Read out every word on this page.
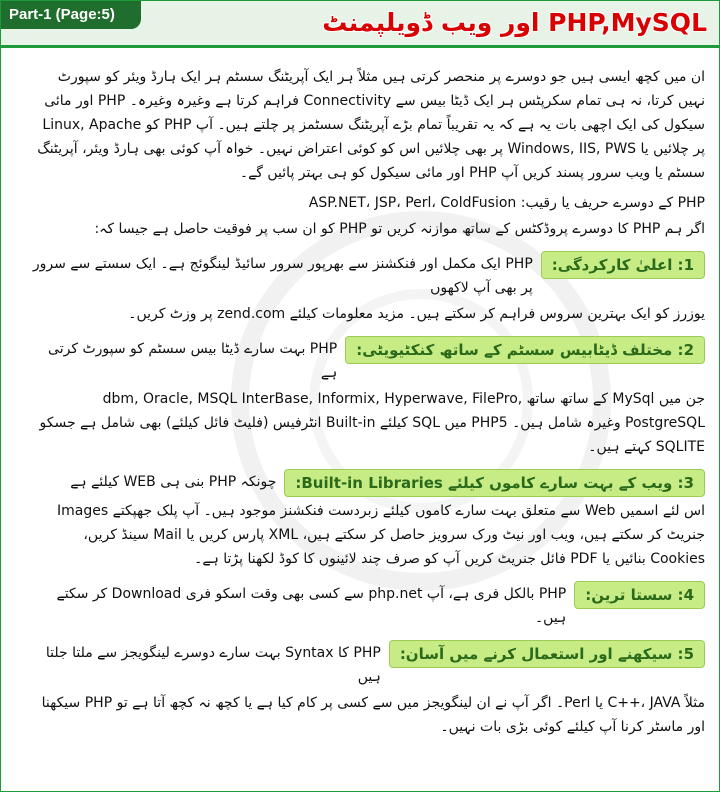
Part-1 (Page:5)	PHP,MySQL اور ویب ڈویلپمنٹ

ان میں کچھ ایسی ہیں جو دوسرے پر منحصر کرتی ہیں مثلاً ہر ایک آپریٹنگ سسٹم ہر ایک ہارڈ ویئر کو سپورٹ نہیں کرتا، نہ ہی تمام سکرپٹس ہر ایک ڈیٹا بیس سے Connectivity فراہم کرتا ہے وغیرہ وغیرہ۔ PHP اور مائی سیکول کی ایک اچھی بات یہ ہے کہ یہ تقریباً تمام بڑے آپریٹنگ سسٹمز پر چلتے ہیں۔ آپ PHP کو Linux, Apache پر چلائیں یا Windows, IIS, PWS پر بھی چلائیں اس کو کوئی اعتراض نہیں۔ خواہ آپ کوئی بھی ہارڈ ویئر، آپریٹنگ سسٹم یا ویب سرور پسند کریں آپ PHP اور مائی سیکول کو ہی بہتر پائیں گے۔

PHP کے دوسرے حریف یا رقیب: ASP.NET، JSP، Perl، ColdFusion

اگر ہم PHP کا دوسرے پروڈکٹس کے ساتھ موازنہ کریں تو PHP کو ان سب پر فوقیت حاصل ہے جیسا کہ:

1: اعلیٰ کارکردگی:
PHP ایک مکمل اور فنکشنز سے بھرپور سرور سائیڈ لینگوئج ہے۔ ایک سستے سے سرور پر بھی آپ لاکھوں

یوزرز کو ایک بہترین سروس فراہم کر سکتے ہیں۔ مزید معلومات کیلئے zend.com پر وزٹ کریں۔

2: مختلف ڈیٹابیس سسٹم کے ساتھ کنکٹیویٹی:
PHP بہت سارے ڈیٹا بیس سسٹم کو سپورٹ کرتی ہے

جن میں MySql کے ساتھ ساتھ dbm, Oracle, MSQL InterBase, Informix, Hyperwave, FilePro, PostgreSQL وغیرہ شامل ہیں۔ PHP5 میں SQL کیلئے Built-in انٹرفیس (فلیٹ فائل کیلئے) بھی شامل ہے جسکو SQLITE کہتے ہیں۔

3: ویب کے بہت سارے کاموں کیلئے Built-in Libraries:
چونکہ PHP بنی ہی WEB کیلئے ہے

اس لئے اسمیں Web سے متعلق بہت سارے کاموں کیلئے زبردست فنکشنز موجود ہیں۔ آپ پلک جھپکتے Images جنریٹ کر سکتے ہیں، ویب اور نیٹ ورک سرویز حاصل کر سکتے ہیں، XML پارس کریں یا Mail سینڈ کریں، Cookies بنائیں یا PDF فائل جنریٹ کریں آپ کو صرف چند لائینوں کا کوڈ لکھنا پڑتا ہے۔

4: سستا ترین:
PHP بالکل فری ہے، آپ php.net سے کسی بھی وقت اسکو فری Download کر سکتے ہیں۔
5: سیکھنے اور استعمال کرنے میں آسان:
PHP کا Syntax بہت سارے دوسرے لینگویجز سے ملتا جلتا ہیں

مثلاً C++، JAVA یا Perl۔ اگر آپ نے ان لینگویجز میں سے کسی پر کام کیا ہے یا کچھ نہ کچھ آتا ہے تو PHP سیکھنا اور ماسٹر کرنا آپ کیلئے کوئی بڑی بات نہیں۔
